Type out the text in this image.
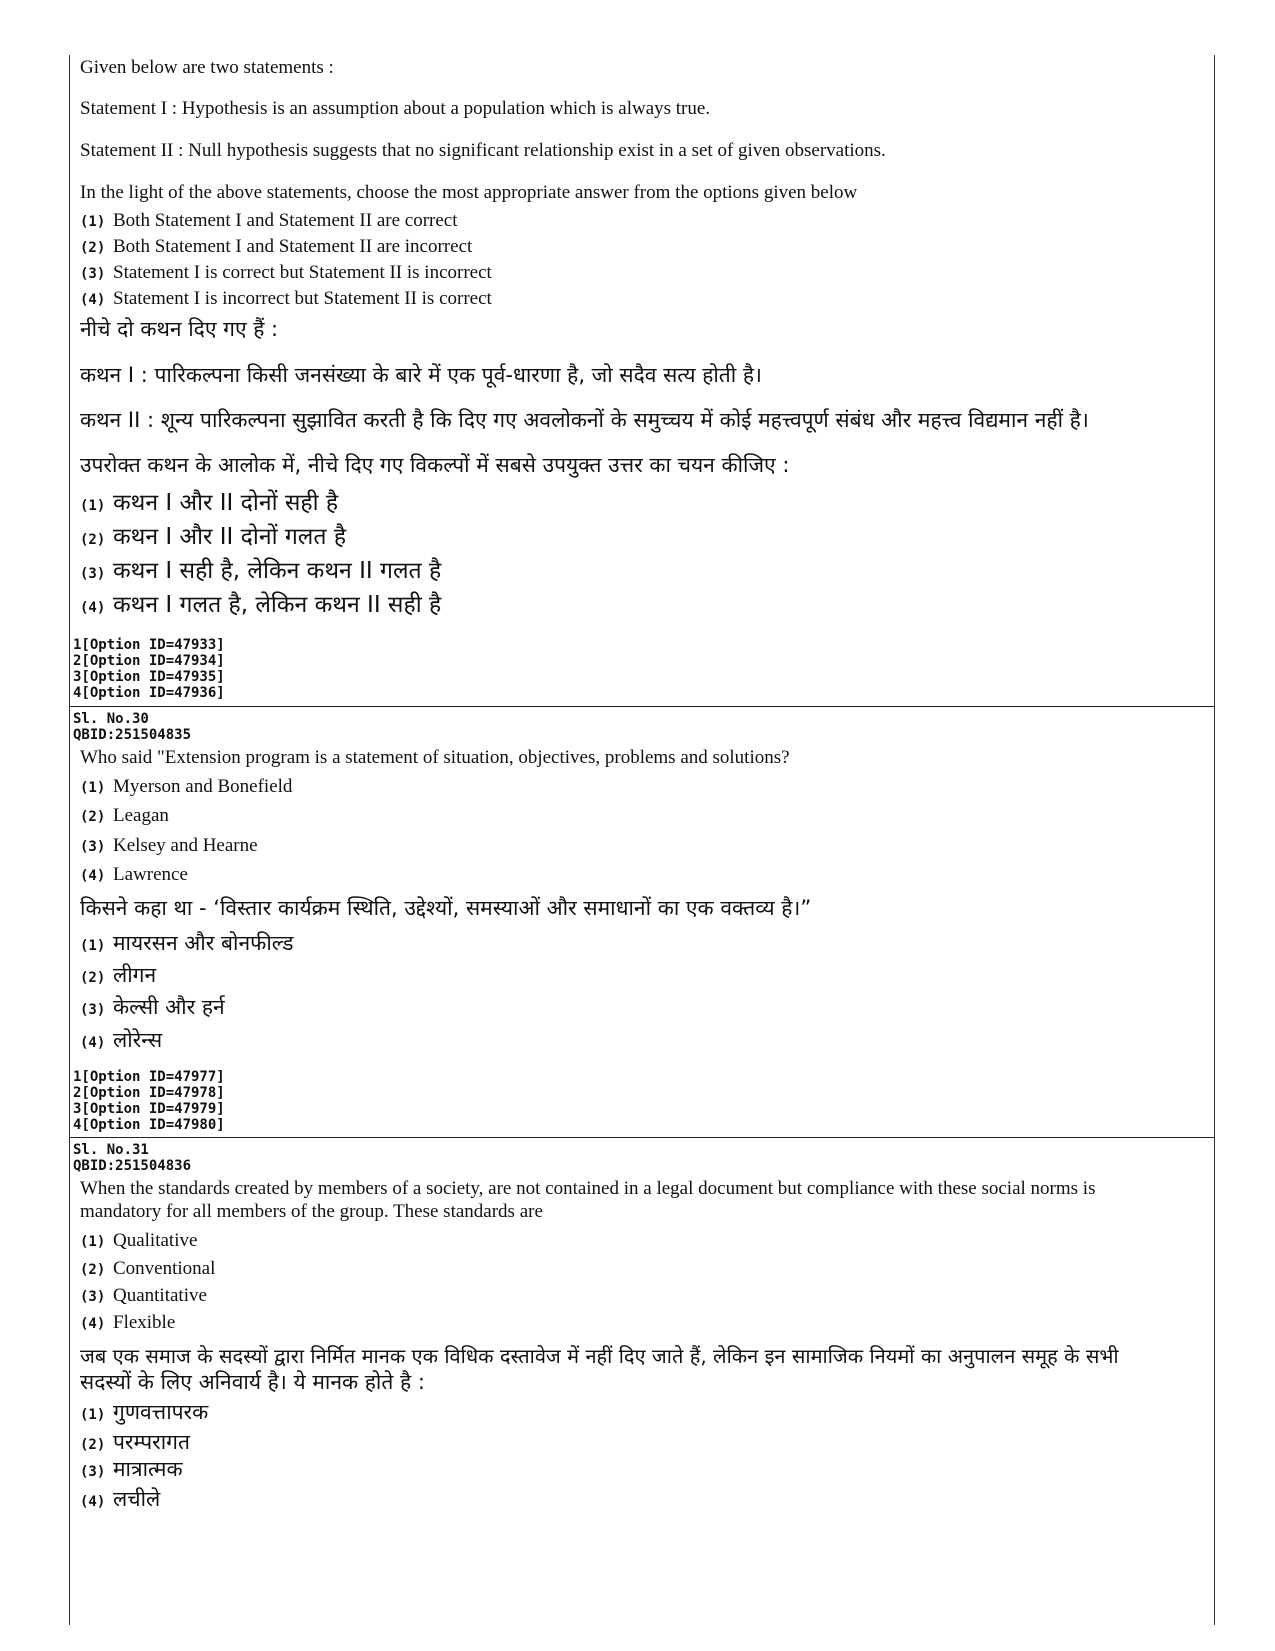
Given below are two statements :
Statement I : Hypothesis is an assumption about a population which is always true.
Statement II : Null hypothesis suggests that no significant relationship exist in a set of given observations.
In the light of the above statements, choose the most appropriate answer from the options given below
(1) Both Statement I and Statement II are correct
(2) Both Statement I and Statement II are incorrect
(3) Statement I is correct but Statement II is incorrect
(4) Statement I is incorrect but Statement II is correct
नीचे दो कथन दिए गए हैं :
कथन I : पारिकल्पना किसी जनसंख्या के बारे में एक पूर्व-धारणा है, जो सदैव सत्य होती है।
कथन II : शून्य पारिकल्पना सुझावित करती है कि दिए गए अवलोकनों के समुच्चय में कोई महत्त्वपूर्ण संबंध और महत्त्व विद्यमान नहीं है।
उपरोक्त कथन के आलोक में, नीचे दिए गए विकल्पों में सबसे उपयुक्त उत्तर का चयन कीजिए :
(1) कथन I और II दोनों सही है
(2) कथन I और II दोनों गलत है
(3) कथन I सही है, लेकिन कथन II गलत है
(4) कथन I गलत है, लेकिन कथन II सही है
1[Option ID=47933]
2[Option ID=47934]
3[Option ID=47935]
4[Option ID=47936]
Sl. No.30
QBID:251504835
Who said "Extension program is a statement of situation, objectives, problems and solutions?
(1) Myerson and Bonefield
(2) Leagan
(3) Kelsey and Hearne
(4) Lawrence
किसने कहा था - ‘विस्तार कार्यक्रम स्थिति, उद्देश्यों, समस्याओं और समाधानों का एक वक्तव्य है।”
(1) मायरसन और बोनफील्ड
(2) लीगन
(3) केल्सी और हर्न
(4) लोरेन्स
1[Option ID=47977]
2[Option ID=47978]
3[Option ID=47979]
4[Option ID=47980]
Sl. No.31
QBID:251504836
When the standards created by members of a society, are not contained in a legal document but compliance with these social norms is
mandatory for all members of the group. These standards are
(1) Qualitative
(2) Conventional
(3) Quantitative
(4) Flexible
जब एक समाज के सदस्यों द्वारा निर्मित मानक एक विधिक दस्तावेज में नहीं दिए जाते हैं, लेकिन इन सामाजिक नियमों का अनुपालन समूह के सभी
सदस्यों के लिए अनिवार्य है। ये मानक होते है :
(1) गुणवत्तापरक
(2) परम्परागत
(3) मात्रात्मक
(4) लचीले
